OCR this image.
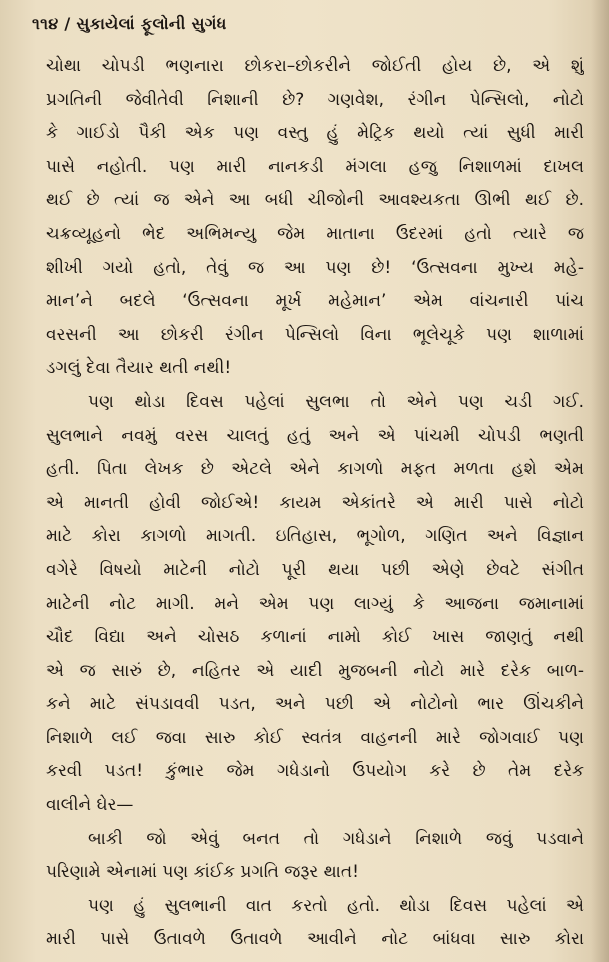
૧૧૪ / સુકાયેલાં ફૂલોની સુગંધ
ચોથા ચોપડી ભણનારા છોકરા–છોકરીને જોઈતી હોય છે, એ શું
પ્રગતિની જેવીતેવી નિશાની છે? ગણવેશ, રંગીન પેન્સિલો, નોટો
કે ગાઈડો પૈકી એક પણ વસ્તુ હું મેટ્રિક થયો ત્યાં સુધી મારી
પાસે નહોતી. પણ મારી નાનકડી મંગલા હજુ નિશાળમાં દાખલ
થઈ છે ત્યાં જ એને આ બધી ચીજોની આવશ્યકતા ઊભી થઈ છે.
ચક્રવ્યૂહનો ભેદ અભિમન્યુ જેમ માતાના ઉદરમાં હતો ત્યારે જ
શીખી ગયો હતો, તેવું જ આ પણ છે! ‘ઉત્સવના મુખ્ય મહે-
માન’ને બદલે ‘ઉત્સવના મૂર્ખ મહેમાન’ એમ વાંચનારી પાંચ
વરસની આ છોકરી રંગીન પેન્સિલો વિના ભૂલેચૂકે પણ શાળામાં
ડગલું દેવા તૈયાર થતી નથી!
પણ થોડા દિવસ પહેલાં સુલભા તો એને પણ ચડી ગઈ.
સુલભાને નવમું વરસ ચાલતું હતું અને એ પાંચમી ચોપડી ભણતી
હતી. પિતા લેખક છે એટલે એને કાગળો મફત મળતા હશે એમ
એ માનતી હોવી જોઈએ! કાયમ એકાંતરે એ મારી પાસે નોટો
માટે કોરા કાગળો માગતી. ઇતિહાસ, ભૂગોળ, ગણિત અને વિજ્ઞાન
વગેરે વિષયો માટેની નોટો પૂરી થયા પછી એણે છેવટે સંગીત
માટેની નોટ માગી. મને એમ પણ લાગ્યું કે આજના જમાનામાં
ચૌદ વિદ્યા અને ચોસઠ કળાનાં નામો કોઈ ખાસ જાણતું નથી
એ જ સારું છે, નહિતર એ યાદી મુજબની નોટો મારે દરેક બાળ-
કને માટે સંપડાવવી પડત, અને પછી એ નોટોનો ભાર ઊંચકીને
નિશાળે લઈ જવા સારુ કોઈ સ્વતંત્ર વાહનની મારે જોગવાઈ પણ
કરવી પડત! કુંભાર જેમ ગધેડાનો ઉપયોગ કરે છે તેમ દરેક
વાલીને ઘેર—
બાકી જો એવું બનત તો ગધેડાને નિશાળે જવું પડવાને
પરિણામે એનામાં પણ કાંઈક પ્રગતિ જરૂર થાત!
પણ હું સુલભાની વાત કરતો હતો. થોડા દિવસ પહેલાં એ
મારી પાસે ઉતાવળે ઉતાવળે આવીને નોટ બાંધવા સારુ કોરા
